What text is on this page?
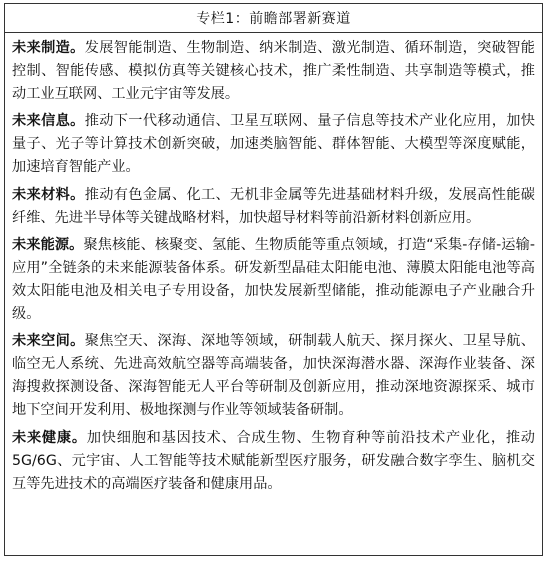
专栏1：前瞻部署新赛道

未来制造。发展智能制造、生物制造、纳米制造、激光制造、循环制造，突破智能控制、智能传感、模拟仿真等关键核心技术，推广柔性制造、共享制造等模式，推动工业互联网、工业元宇宙等发展。

未来信息。推动下一代移动通信、卫星互联网、量子信息等技术产业化应用，加快量子、光子等计算技术创新突破，加速类脑智能、群体智能、大模型等深度赋能，加速培育智能产业。

未来材料。推动有色金属、化工、无机非金属等先进基础材料升级，发展高性能碳纤维、先进半导体等关键战略材料，加快超导材料等前沿新材料创新应用。

未来能源。聚焦核能、核聚变、氢能、生物质能等重点领域，打造“采集-存储-运输-应用”全链条的未来能源装备体系。研发新型晶硅太阳能电池、薄膜太阳能电池等高效太阳能电池及相关电子专用设备，加快发展新型储能，推动能源电子产业融合升级。

未来空间。聚焦空天、深海、深地等领域，研制载人航天、探月探火、卫星导航、临空无人系统、先进高效航空器等高端装备，加快深海潜水器、深海作业装备、深海搜救探测设备、深海智能无人平台等研制及创新应用，推动深地资源探采、城市地下空间开发利用、极地探测与作业等领域装备研制。

未来健康。加快细胞和基因技术、合成生物、生物育种等前沿技术产业化，推动5G/6G、元宇宙、人工智能等技术赋能新型医疗服务，研发融合数字孪生、脑机交互等先进技术的高端医疗装备和健康用品。
